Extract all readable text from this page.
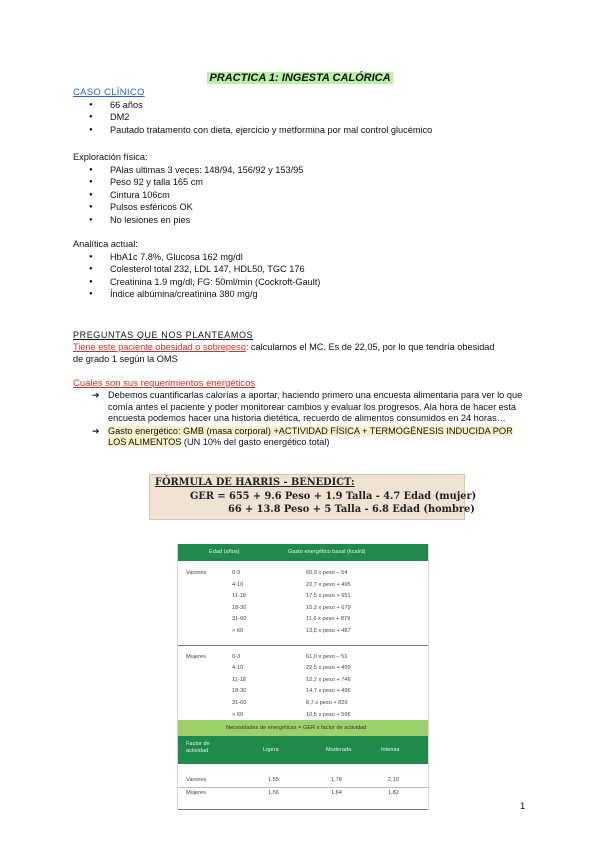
PRACTICA 1: INGESTA CALÓRICA
CASO CLÍNICO
● 66 años
● DM2
● Pautado tratamento con dieta, ejercicio y metformina por mal control glucémico
Exploración física:
● PAlas ultimas 3 veces: 148/94, 156/92 y 153/95
● Peso 92 y talla 165 cm
● Cintura 106cm
● Pulsos esféricos OK
● No lesiones en pies
Analítica actual:
● HbA1c 7.8%, Glucosa 162 mg/dl
● Colesterol total 232, LDL 147, HDL50, TGC 176
● Creatinina 1.9 mg/dl, FG: 50ml/min (Cockroft-Gault)
● Índice albúmina/creatinina 380 mg/g
PREGUNTAS QUE NOS PLANTEAMOS
Tiene este paciente obesidad o sobrepeso: calculamos el MC. Es de 22,05, por lo que tendría obesidad
de grado 1 según la OMS
Cuales son sus requerimientos energéticos
➔ Debemos cuantificarlas calorías a aportar, haciendo primero una encuesta alimentaria para ver lo que comía antes el paciente y poder monitorear cambios y evaluar los progresos. Ala hora de hacer esta encuesta podemos hacer una historia dietética, recuerdo de alimentos consumidos en 24 horas…
➔ Gasto energético: GMB (masa corporal) +ACTIVIDAD FÍSICA + TERMOGÉNESIS INDUCIDA POR LOS ALIMENTOS (UN 10% del gasto energético total)
FÓRMULA DE HARRIS - BENEDICT:
GER = 655 + 9.6 Peso + 1.9 Talla - 4.7 Edad (mujer)
66 + 13.8 Peso + 5 Talla - 6.8 Edad (hombre)
Edad (años)	Gasto energético basal (kcal/d)
Varones	0-3	60,9 x peso – 54
4-10	22,7 x peso + 495
11-18	17,5 x peso + 651
18-30	15,3 x peso + 679
31-60	11,6 x peso + 879
> 60	13,5 x peso + 487
Mujeres	0-3	61,0 x peso – 51
4-10	22,5 x peso + 499
11-18	12,2 x peso + 746
18-30	14,7 x peso + 496
31-60	8,7 x peso + 829
> 60	10,5 x peso + 596
Necesidades de energéticas = GER x factor de actividad
Factor de actividad	Ligera	Moderada	Intensa
Varones	1,55	1,78	2,10
Mujeres	1,56	1,64	1,82
1
